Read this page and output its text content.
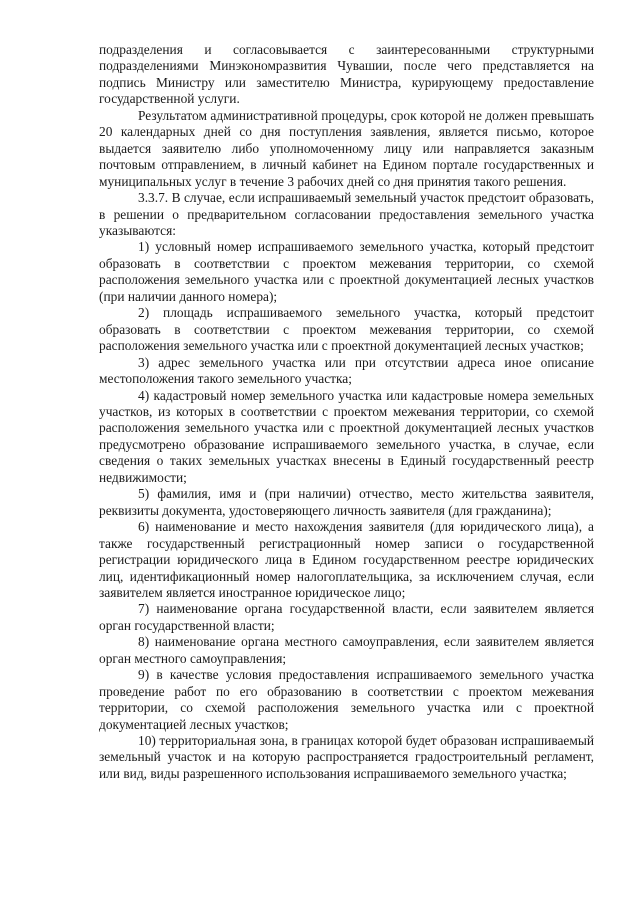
подразделения и согласовывается с заинтересованными структурными подразделениями Минэкономразвития Чувашии, после чего представляется на подпись Министру или заместителю Министра, курирующему предоставление государственной услуги.

Результатом административной процедуры, срок которой не должен превышать 20 календарных дней со дня поступления заявления, является письмо, которое выдается заявителю либо уполномоченному лицу или направляется заказным почтовым отправлением, в личный кабинет на Едином портале государственных и муниципальных услуг в течение 3 рабочих дней со дня принятия такого решения.

3.3.7. В случае, если испрашиваемый земельный участок предстоит образовать, в решении о предварительном согласовании предоставления земельного участка указываются:

1) условный номер испрашиваемого земельного участка, который предстоит образовать в соответствии с проектом межевания территории, со схемой расположения земельного участка или с проектной документацией лесных участков (при наличии данного номера);

2) площадь испрашиваемого земельного участка, который предстоит образовать в соответствии с проектом межевания территории, со схемой расположения земельного участка или с проектной документацией лесных участков;

3) адрес земельного участка или при отсутствии адреса иное описание местоположения такого земельного участка;

4) кадастровый номер земельного участка или кадастровые номера земельных участков, из которых в соответствии с проектом межевания территории, со схемой расположения земельного участка или с проектной документацией лесных участков предусмотрено образование испрашиваемого земельного участка, в случае, если сведения о таких земельных участках внесены в Единый государственный реестр недвижимости;

5) фамилия, имя и (при наличии) отчество, место жительства заявителя, реквизиты документа, удостоверяющего личность заявителя (для гражданина);

6) наименование и место нахождения заявителя (для юридического лица), а также государственный регистрационный номер записи о государственной регистрации юридического лица в Едином государственном реестре юридических лиц, идентификационный номер налогоплательщика, за исключением случая, если заявителем является иностранное юридическое лицо;

7) наименование органа государственной власти, если заявителем является орган государственной власти;

8) наименование органа местного самоуправления, если заявителем является орган местного самоуправления;

9) в качестве условия предоставления испрашиваемого земельного участка проведение работ по его образованию в соответствии с проектом межевания территории, со схемой расположения земельного участка или с проектной документацией лесных участков;

10) территориальная зона, в границах которой будет образован испрашиваемый земельный участок и на которую распространяется градостроительный регламент, или вид, виды разрешенного использования испрашиваемого земельного участка;
